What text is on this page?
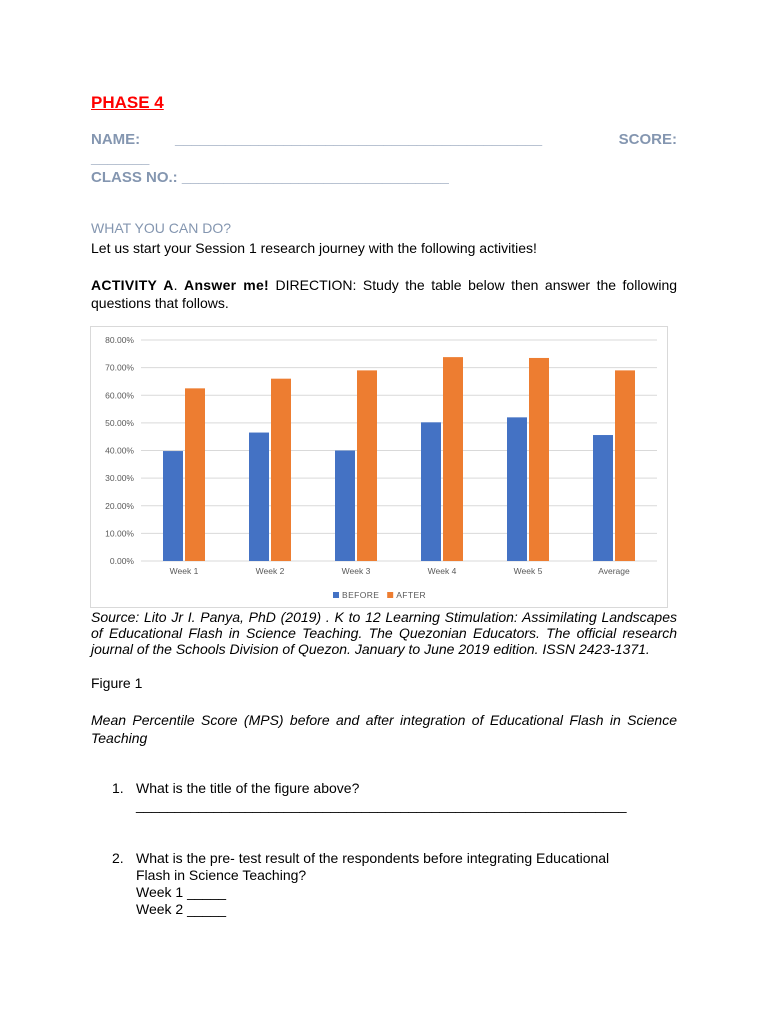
PHASE 4
NAME: ____________________________________________	SCORE:
_______
CLASS NO.: ________________________________
WHAT YOU CAN DO?
Let us start your Session 1 research journey with the following activities!
ACTIVITY A. Answer me! DIRECTION: Study the table below then answer the following questions that follows.
0.00%
10.00%
20.00%
30.00%
40.00%
50.00%
60.00%
70.00%
80.00%
Week 1	Week 2	Week 3	Week 4	Week 5	Average
BEFORE AFTER
Source: Lito Jr I. Panya, PhD (2019) . K to 12 Learning Stimulation: Assimilating Landscapes of Educational Flash in Science Teaching. The Quezonian Educators. The official research journal of the Schools Division of Quezon. January to June 2019 edition. ISSN 2423-1371.
Figure 1
Mean Percentile Score (MPS) before and after integration of Educational Flash in Science Teaching
1. What is the title of the figure above?
_______________________________________________________________
2. What is the pre- test result of the respondents before integrating Educational
Flash in Science Teaching?
Week 1 _____
Week 2 _____
